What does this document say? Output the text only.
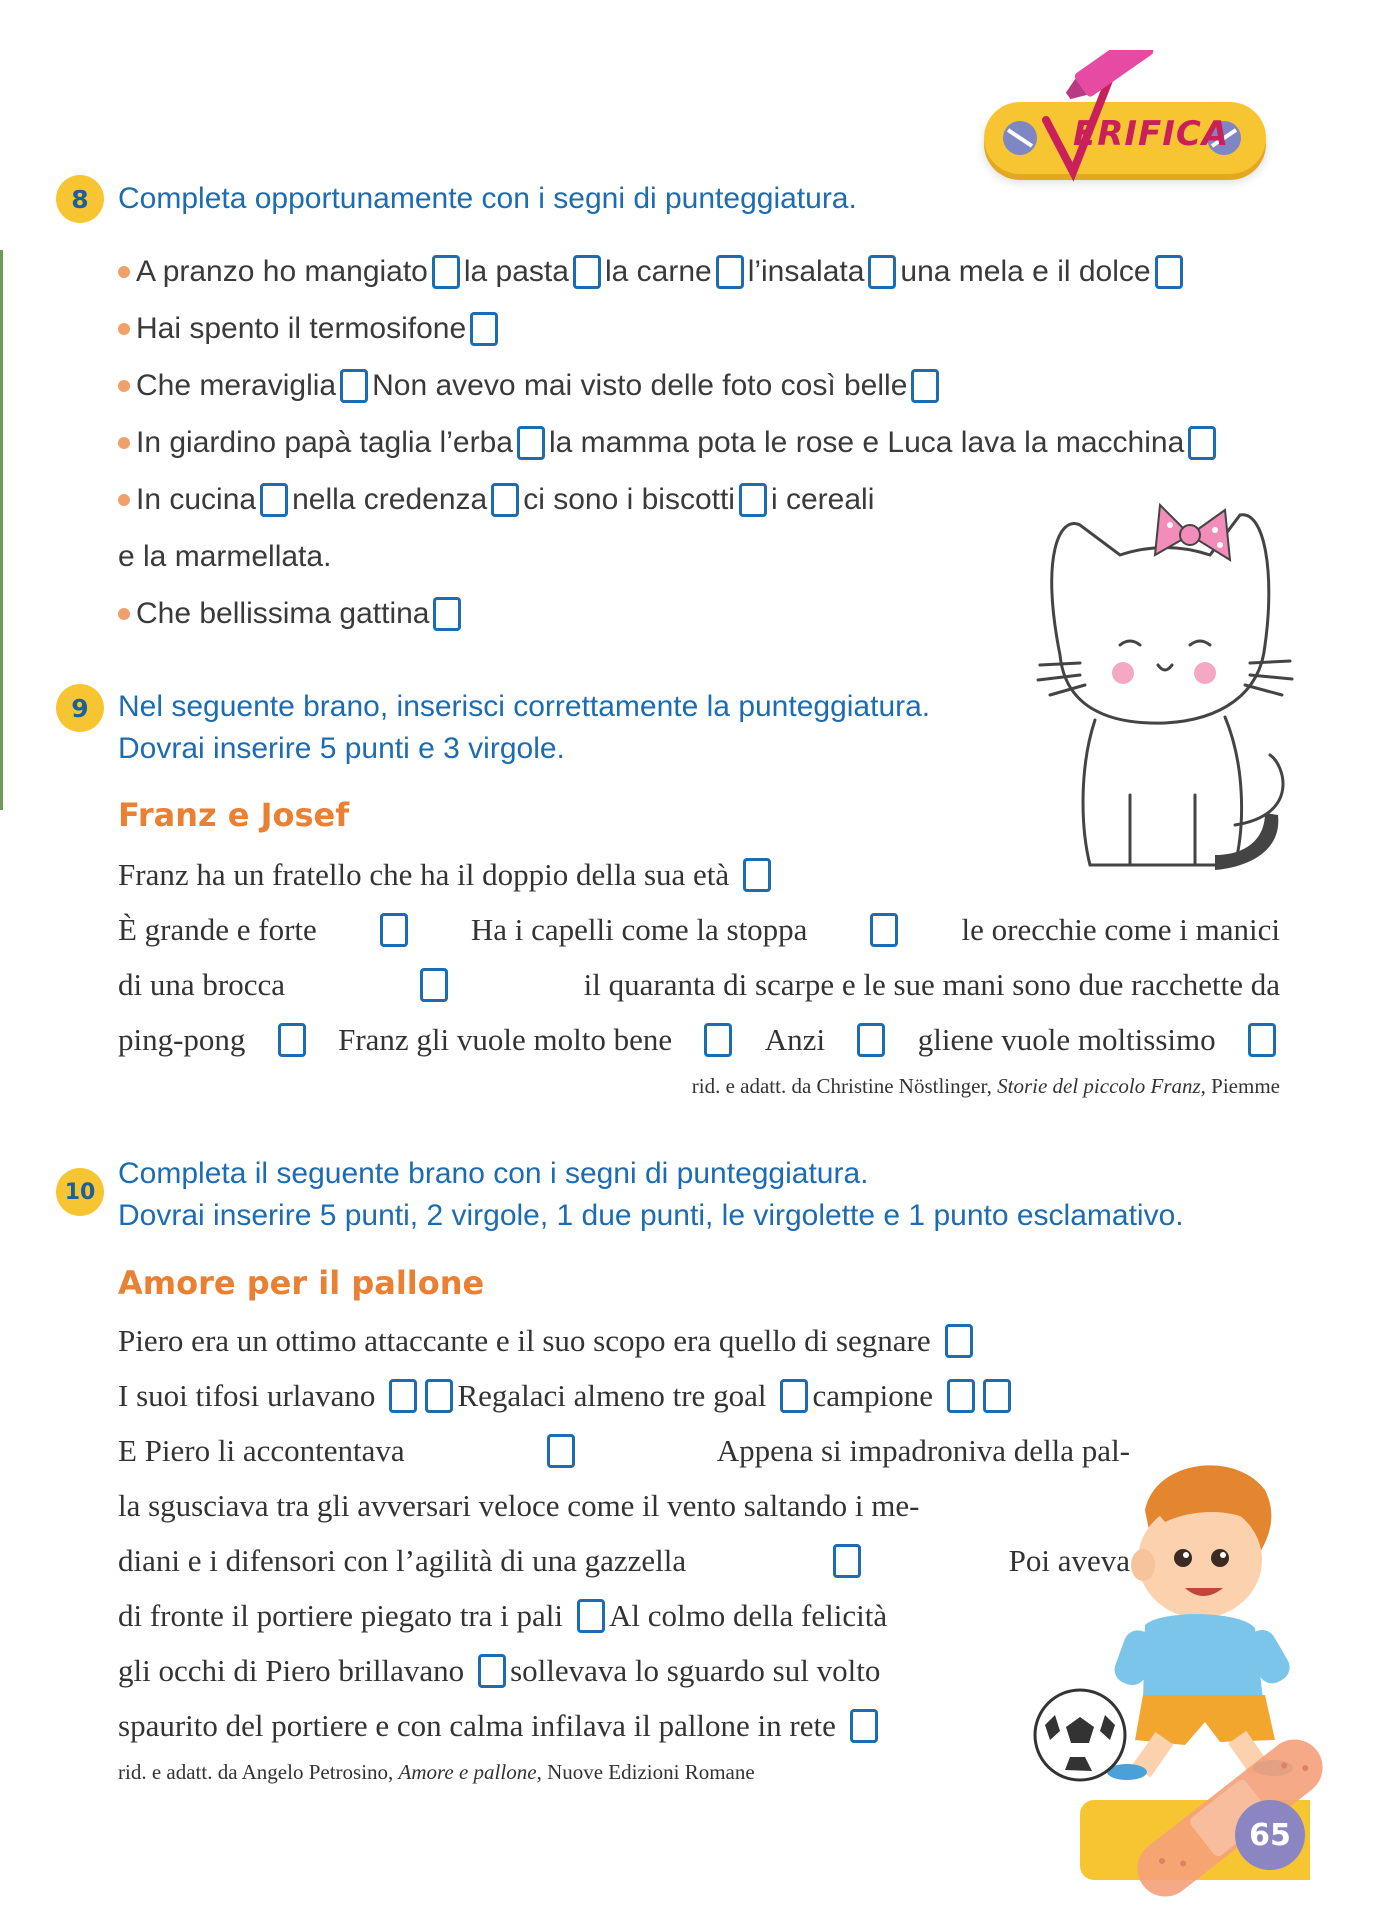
ERIFICA
8 Completa opportunamente con i segni di punteggiatura.
A pranzo ho mangiato la pasta la carne l’insalata una mela e il dolce
Hai spento il termosifone
Che meraviglia Non avevo mai visto delle foto così belle
In giardino papà taglia l’erba la mamma pota le rose e Luca lava la macchina
In cucina nella credenza ci sono i biscotti i cereali
e la marmellata.
Che bellissima gattina
9 Nel seguente brano, inserisci correttamente la punteggiatura.
Dovrai inserire 5 punti e 3 virgole.
Franz e Josef
Franz ha un fratello che ha il doppio della sua età
È grande e forte	Ha i capelli come la stoppa	le orecchie come i manici
di una brocca	il quaranta di scarpe e le sue mani sono due racchette da
ping-pong	Franz gli vuole molto bene	Anzi	gliene vuole moltissimo
rid. e adatt. da Christine Nöstlinger, Storie del piccolo Franz, Piemme
10
Completa il seguente brano con i segni di punteggiatura.
Dovrai inserire 5 punti, 2 virgole, 1 due punti, le virgolette e 1 punto esclamativo.
Amore per il pallone
Piero era un ottimo attaccante e il suo scopo era quello di segnare
I suoi tifosi urlavano	Regalaci almeno tre goal campione
E Piero li accontentava	Appena si impadroniva della pal-
la sgusciava tra gli avversari veloce come il vento saltando i me-
diani e i difensori con l’agilità di una gazzella	Poi aveva
di fronte il portiere piegato tra i pali Al colmo della felicità
gli occhi di Piero brillavano sollevava lo sguardo sul volto
spaurito del portiere e con calma infilava il pallone in rete
rid. e adatt. da Angelo Petrosino, Amore e pallone, Nuove Edizioni Romane
65
